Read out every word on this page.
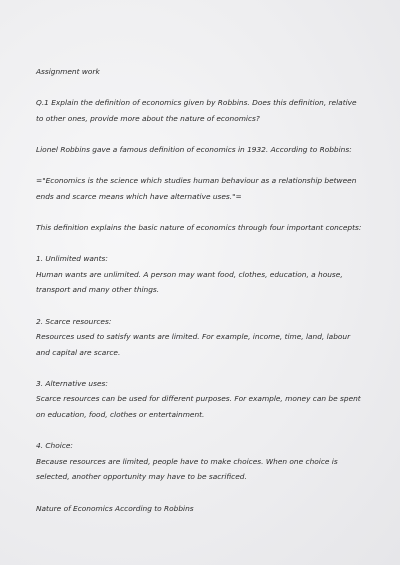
Assignment work

Q.1 Explain the definition of economics given by Robbins. Does this definition, relative to other ones, provide more about the nature of economics?

Lionel Robbins gave a famous definition of economics in 1932. According to Robbins:

="Economics is the science which studies human behaviour as a relationship between ends and scarce means which have alternative uses."=

This definition explains the basic nature of economics through four important concepts:

1. Unlimited wants:

Human wants are unlimited. A person may want food, clothes, education, a house, transport and many other things.

2. Scarce resources:

Resources used to satisfy wants are limited. For example, income, time, land, labour and capital are scarce.

3. Alternative uses:

Scarce resources can be used for different purposes. For example, money can be spent on education, food, clothes or entertainment.

4. Choice:

Because resources are limited, people have to make choices. When one choice is selected, another opportunity may have to be sacrificed.

Nature of Economics According to Robbins
